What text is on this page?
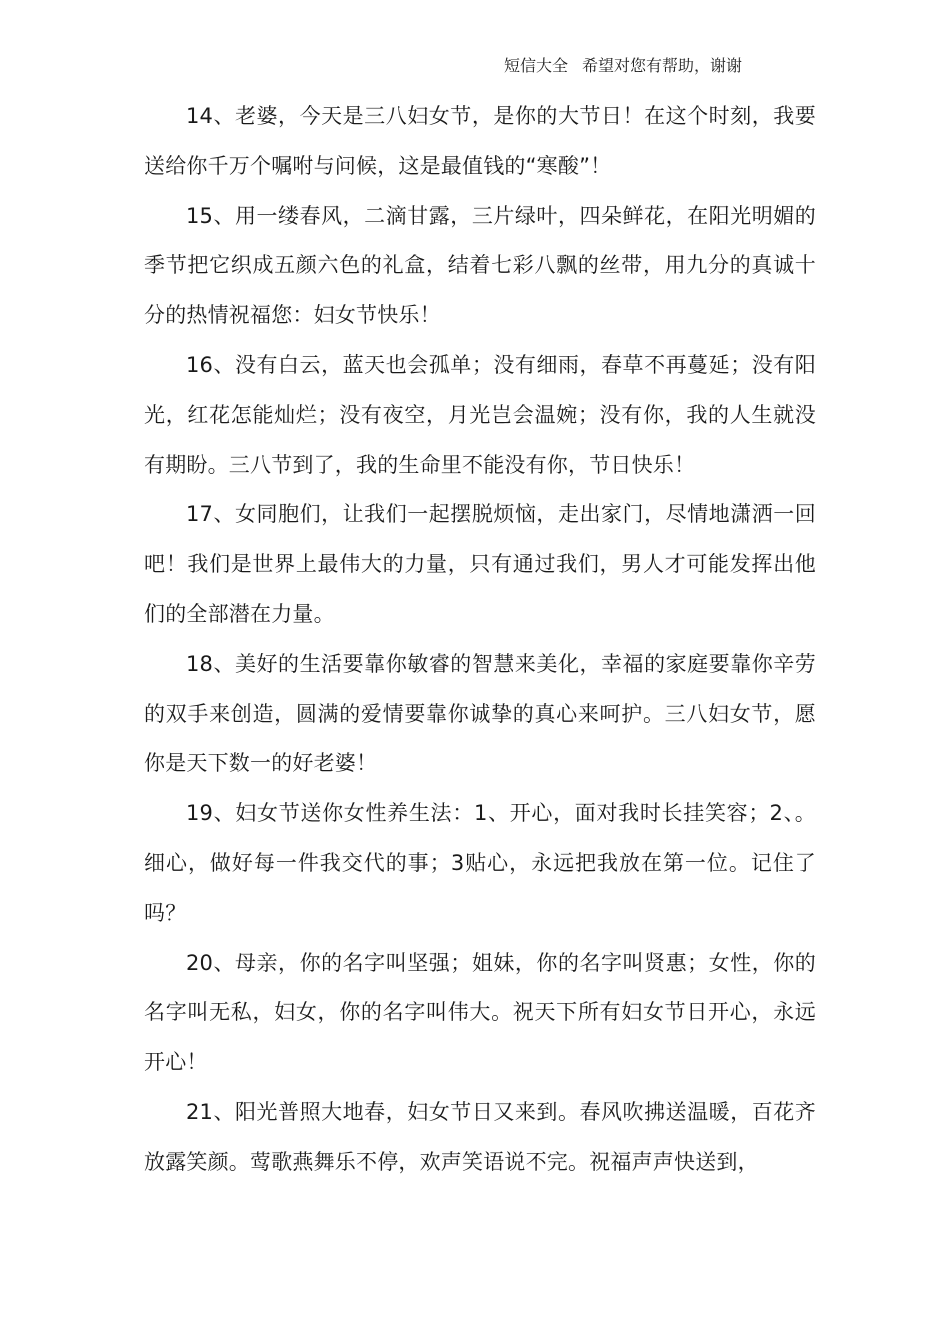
短信大全 希望对您有帮助，谢谢

14、老婆，今天是三八妇女节，是你的大节日！在这个时刻，我要送给你千万个嘱咐与问候，这是最值钱的“寒酸”！

15、用一缕春风，二滴甘露，三片绿叶，四朵鲜花，在阳光明媚的季节把它织成五颜六色的礼盒，结着七彩八飘的丝带，用九分的真诚十分的热情祝福您：妇女节快乐！

16、没有白云，蓝天也会孤单；没有细雨，春草不再蔓延；没有阳光，红花怎能灿烂；没有夜空，月光岂会温婉；没有你，我的人生就没有期盼。三八节到了，我的生命里不能没有你，节日快乐！

17、女同胞们，让我们一起摆脱烦恼，走出家门，尽情地潇洒一回吧！我们是世界上最伟大的力量，只有通过我们，男人才可能发挥出他们的全部潜在力量。

18、美好的生活要靠你敏睿的智慧来美化，幸福的家庭要靠你辛劳的双手来创造，圆满的爱情要靠你诚挚的真心来呵护。三八妇女节，愿你是天下数一的好老婆！

19、妇女节送你女性养生法：1、开心，面对我时长挂笑容；2、。细心，做好每一件我交代的事；3贴心，永远把我放在第一位。记住了吗？

20、母亲，你的名字叫坚强；姐妹，你的名字叫贤惠；女性，你的名字叫无私，妇女，你的名字叫伟大。祝天下所有妇女节日开心，永远开心！

21、阳光普照大地春，妇女节日又来到。春风吹拂送温暖，百花齐放露笑颜。莺歌燕舞乐不停，欢声笑语说不完。祝福声声快送到，
